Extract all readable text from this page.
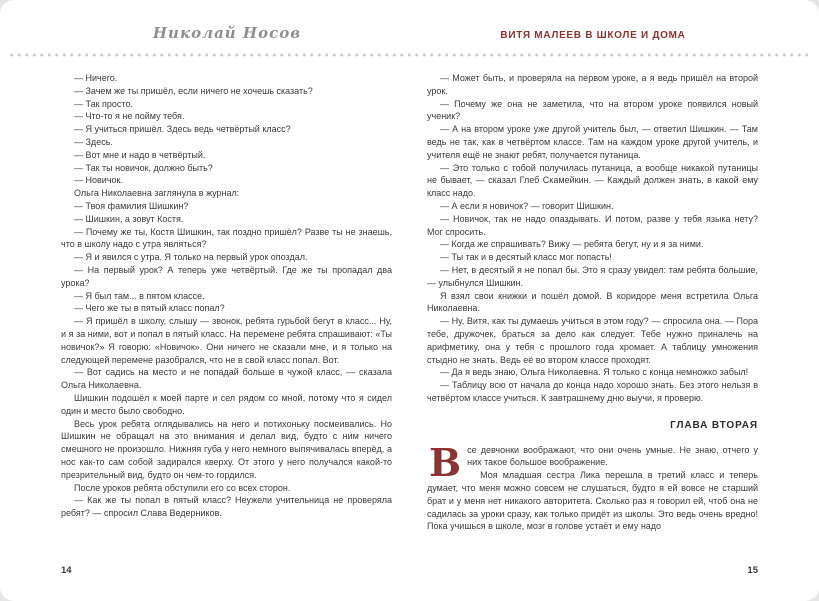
Николай Носов	ВИТЯ МАЛЕЕВ В ШКОЛЕ И ДОМА

— Ничего.

— Зачем же ты пришёл, если ничего не хочешь сказать?

— Так просто.

— Что-то я не пойму тебя.

— Я учиться пришёл. Здесь ведь четвёртый класс?

— Здесь.

— Вот мне и надо в четвёртый.

— Так ты новичок, должно быть?

— Новичок.

Ольга Николаевна заглянула в журнал:

— Твоя фамилия Шишкин?

— Шишкин, а зовут Костя.

— Почему же ты, Костя Шишкин, так поздно пришёл? Разве ты не знаешь, что в школу надо с утра являться?

— Я и явился с утра. Я только на первый урок опоздал.

— На первый урок? А теперь уже четвёртый. Где же ты пропадал два урока?

— Я был там... в пятом классе.

— Чего же ты в пятый класс попал?

— Я пришёл в школу, слышу — звонок, ребята гурьбой бегут в класс... Ну, и я за ними, вот и попал в пятый класс. На перемене ребята спрашивают: «Ты новичок?» Я говорю: «Новичок». Они ничего не сказали мне, и я только на следующей перемене разобрался, что не в свой класс попал. Вот.

— Вот садись на место и не попадай больше в чужой класс, — сказала Ольга Николаевна.

Шишкин подошёл к моей парте и сел рядом со мной, потому что я сидел один и место было свободно.

Весь урок ребята оглядывались на него и потихоньку посмеивались. Но Шишкин не обращал на это внимания и делал вид, будто с ним ничего смешного не произошло. Нижняя губа у него немного выпячивалась вперёд, а нос как-то сам собой задирался кверху. От этого у него получался какой-то презрительный вид, будто он чем-то гордился.

После уроков ребята обступили его со всех сторон.

— Как же ты попал в пятый класс? Неужели учительница не проверяла ребят? — спросил Слава Ведерников.

— Может быть, и проверяла на первом уроке, а я ведь пришёл на второй урок.

— Почему же она не заметила, что на втором уроке появился новый ученик?

— А на втором уроке уже другой учитель был, — ответил Шишкин. — Там ведь не так, как в четвёртом классе. Там на каждом уроке другой учитель, и учителя ещё не знают ребят, получается путаница.

— Это только с тобой получилась путаница, а вообще никакой путаницы не бывает, — сказал Глеб Скамейкин. — Каждый должен знать, в какой ему класс надо.

— А если я новичок? — говорит Шишкин.

— Новичок, так не надо опаздывать. И потом, разве у тебя языка нету? Мог спросить.

— Когда же спрашивать? Вижу — ребята бегут, ну и я за ними.

— Ты так и в десятый класс мог попасть!

— Нет, в десятый я не попал бы. Это я сразу увидел: там ребята большие, — улыбнулся Шишкин.

Я взял свои книжки и пошёл домой. В коридоре меня встретила Ольга Николаевна.

— Ну, Витя, как ты думаешь учиться в этом году? — спросила она. — Пора тебе, дружочек, браться за дело как следует. Тебе нужно приналечь на арифметику, она у тебя с прошлого года хромает. А таблицу умножения стыдно не знать. Ведь её во втором классе проходят.

— Да я ведь знаю, Ольга Николаевна. Я только с конца немножко забыл!

— Таблицу всю от начала до конца надо хорошо знать. Без этого нельзя в четвёртом классе учиться. К завтрашнему дню выучи, я проверю.

ГЛАВА ВТОРАЯ

Все девчонки воображают, что они очень умные. Не знаю, отчего у них такое большое воображение.

Моя младшая сестра Лика перешла в третий класс и теперь думает, что меня можно совсем не слушаться, будто я ей вовсе не старший брат и у меня нет никакого авторитета. Сколько раз я говорил ей, чтоб она не садилась за уроки сразу, как только придёт из школы. Это ведь очень вредно! Пока учишься в школе, мозг в голове устаёт и ему надо

14	15
